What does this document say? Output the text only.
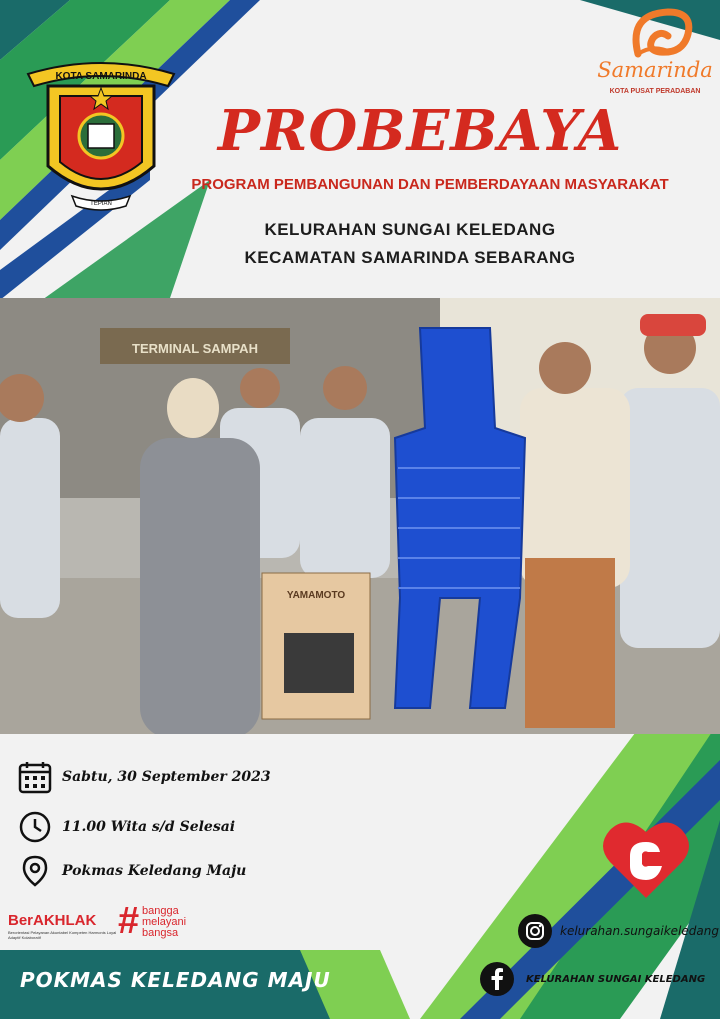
KOTA SAMARINDA
TEPIAN
PROBEBAYA
PROGRAM PEMBANGUNAN DAN PEMBERDAYAAN MASYARAKAT
KELURAHAN SUNGAI KELEDANG
KECAMATAN SAMARINDA SEBARANG
Samarinda
KOTA PUSAT PERADABAN
TERMINAL SAMPAH
YAMAMOTO
Sabtu, 30 September 2023
11.00 Wita s/d Selesai
Pokmas Keledang Maju
BerAKHLAK
Berorientasi Pelayanan Akuntabel Kompeten Harmonis Loyal Adaptif Kolaboratif	# bangga
melayani
bangsa
POKMAS KELEDANG MAJU
kelurahan.sungaikeledang
KELURAHAN SUNGAI KELEDANG
